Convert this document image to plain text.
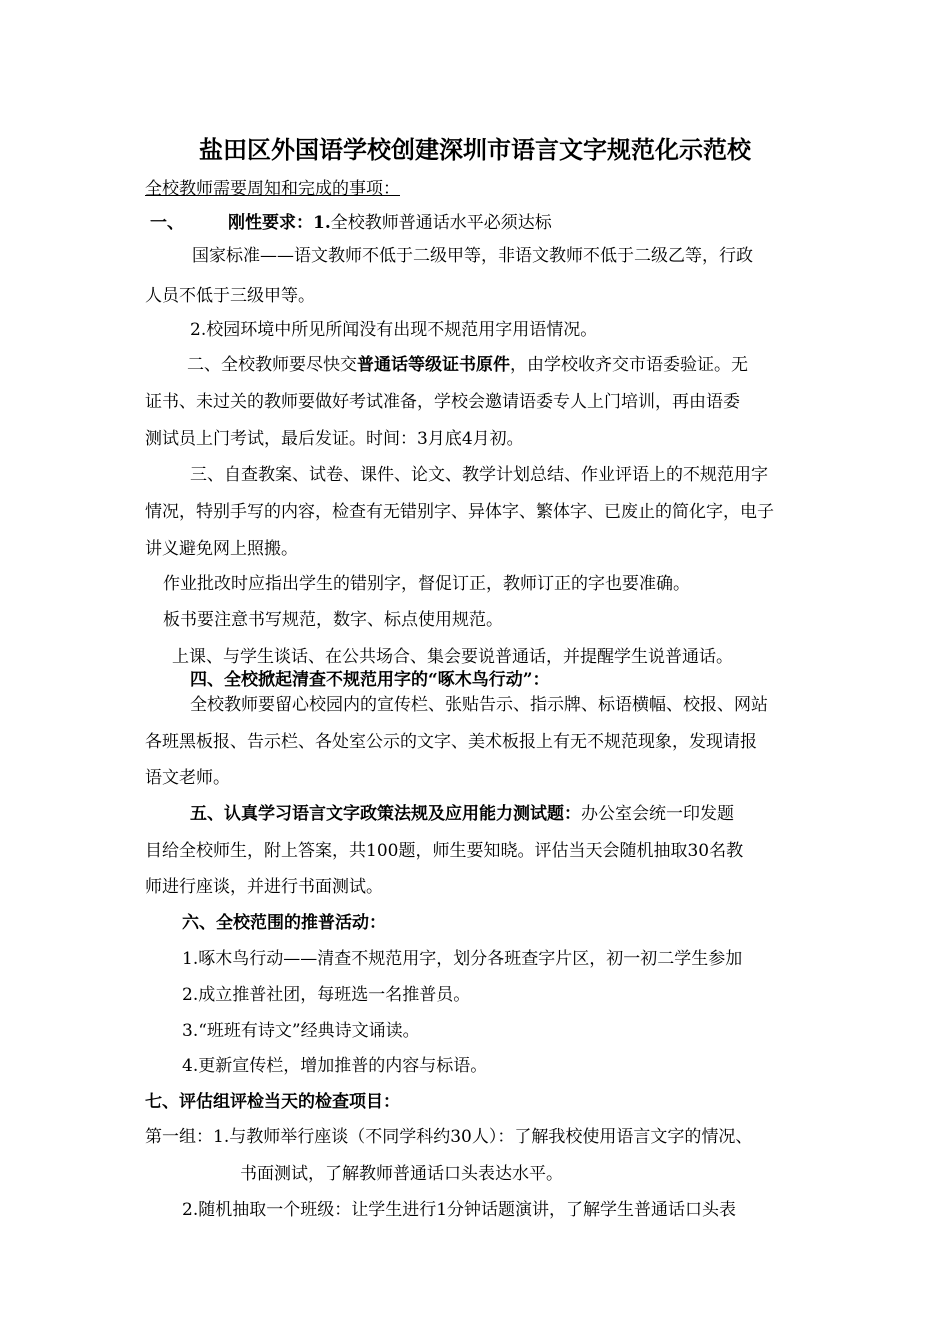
盐田区外国语学校创建深圳市语言文字规范化示范校
全校教师需要周知和完成的事项：
一、	刚性要求：1.全校教师普通话水平必须达标
国家标准——语文教师不低于二级甲等，非语文教师不低于二级乙等，行政
人员不低于三级甲等。
2.校园环境中所见所闻没有出现不规范用字用语情况。
二、全校教师要尽快交普通话等级证书原件，由学校收齐交市语委验证。无
证书、未过关的教师要做好考试准备，学校会邀请语委专人上门培训，再由语委
测试员上门考试，最后发证。时间：3月底4月初。
三、自查教案、试卷、课件、论文、教学计划总结、作业评语上的不规范用字
情况，特别手写的内容，检查有无错别字、异体字、繁体字、已废止的简化字，电子
讲义避免网上照搬。
作业批改时应指出学生的错别字，督促订正，教师订正的字也要准确。
板书要注意书写规范，数字、标点使用规范。
上课、与学生谈话、在公共场合、集会要说普通话，并提醒学生说普通话。
四、全校掀起清查不规范用字的“啄木鸟行动”：
全校教师要留心校园内的宣传栏、张贴告示、指示牌、标语横幅、校报、网站
各班黑板报、告示栏、各处室公示的文字、美术板报上有无不规范现象，发现请报
语文老师。
五、认真学习语言文字政策法规及应用能力测试题：办公室会统一印发题
目给全校师生，附上答案，共100题，师生要知晓。评估当天会随机抽取30名教
师进行座谈，并进行书面测试。
六、全校范围的推普活动：
1.啄木鸟行动——清查不规范用字，划分各班查字片区，初一初二学生参加
2.成立推普社团，每班选一名推普员。
3.“班班有诗文”经典诗文诵读。
4.更新宣传栏，增加推普的内容与标语。
七、评估组评检当天的检查项目：
第一组：1.与教师举行座谈（不同学科约30人）：了解我校使用语言文字的情况、
书面测试，了解教师普通话口头表达水平。
2.随机抽取一个班级：让学生进行1分钟话题演讲，了解学生普通话口头表
